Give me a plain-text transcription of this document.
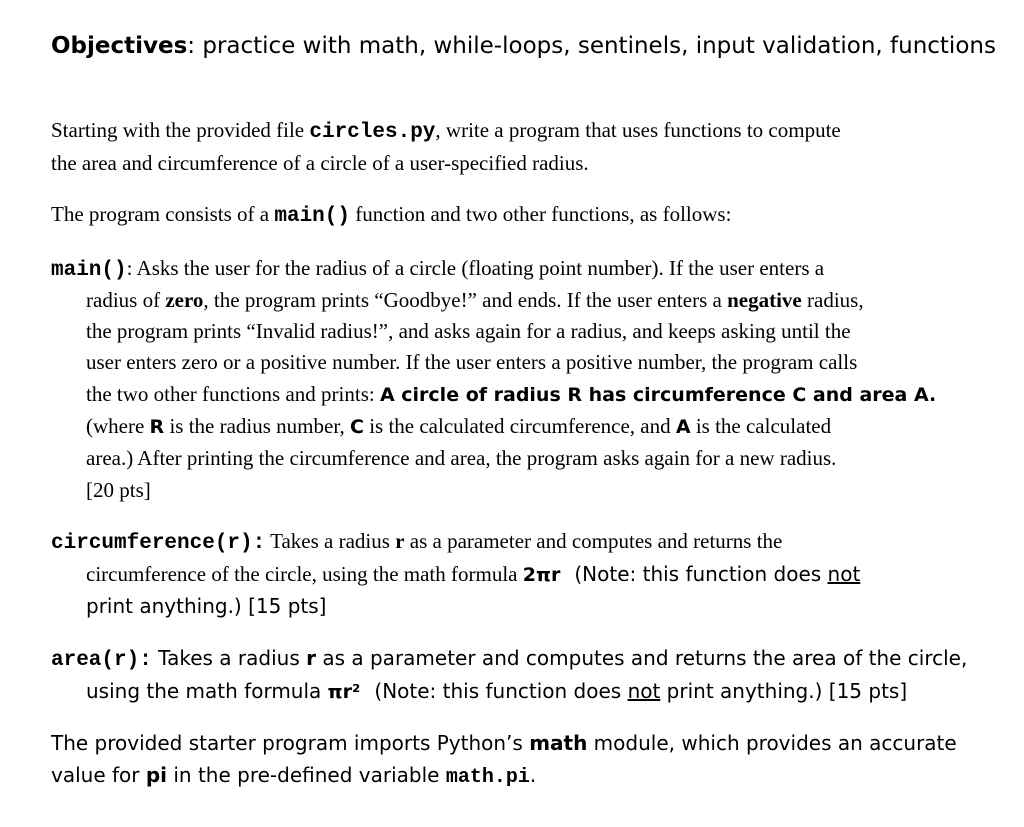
Objectives: practice with math, while-loops, sentinels, input validation, functions
Starting with the provided file circles.py, write a program that uses functions to compute
the area and circumference of a circle of a user-specified radius.
The program consists of a main() function and two other functions, as follows:
main(): Asks the user for the radius of a circle (floating point number). If the user enters a
radius of zero, the program prints “Goodbye!” and ends. If the user enters a negative radius,
the program prints “Invalid radius!”, and asks again for a radius, and keeps asking until the
user enters zero or a positive number. If the user enters a positive number, the program calls
the two other functions and prints: A circle of radius R has circumference C and area A.
(where R is the radius number, C is the calculated circumference, and A is the calculated
area.) After printing the circumference and area, the program asks again for a new radius.
[20 pts]
circumference(r): Takes a radius r as a parameter and computes and returns the
circumference of the circle, using the math formula 2πr (Note: this function does not
print anything.) [15 pts]
area(r): Takes a radius r as a parameter and computes and returns the area of the circle,
using the math formula πr² (Note: this function does not print anything.) [15 pts]
The provided starter program imports Python’s math module, which provides an accurate
value for pi in the pre-defined variable math.pi.
